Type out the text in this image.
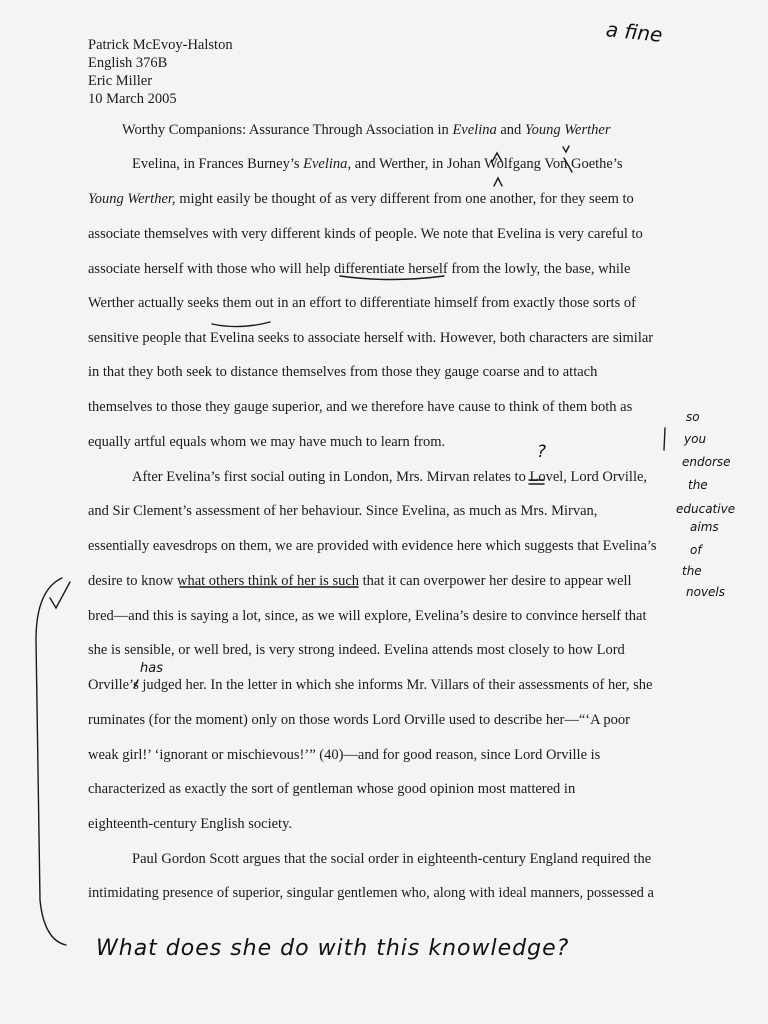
Patrick McEvoy-Halston
English 376B
Eric Miller
10 March 2005
Worthy Companions: Assurance Through Association in Evelina and Young Werther
Evelina, in Frances Burney’s Evelina, and Werther, in Johan Wolfgang Von Goethe’s
Young Werther, might easily be thought of as very different from one another, for they seem to
associate themselves with very different kinds of people. We note that Evelina is very careful to
associate herself with those who will help differentiate herself from the lowly, the base, while
Werther actually seeks them out in an effort to differentiate himself from exactly those sorts of
sensitive people that Evelina seeks to associate herself with. However, both characters are similar
in that they both seek to distance themselves from those they gauge coarse and to attach
themselves to those they gauge superior, and we therefore have cause to think of them both as
equally artful equals whom we may have much to learn from.
After Evelina’s first social outing in London, Mrs. Mirvan relates to Lovel, Lord Orville,
and Sir Clement’s assessment of her behaviour. Since Evelina, as much as Mrs. Mirvan,
essentially eavesdrops on them, we are provided with evidence here which suggests that Evelina’s
desire to know what others think of her is such that it can overpower her desire to appear well
bred—and this is saying a lot, since, as we will explore, Evelina’s desire to convince herself that
she is sensible, or well bred, is very strong indeed. Evelina attends most closely to how Lord
Orville’s judged her. In the letter in which she informs Mr. Villars of their assessments of her, she
ruminates (for the moment) only on those words Lord Orville used to describe her—“‘A poor
weak girl!’ ‘ignorant or mischievous!’” (40)—and for good reason, since Lord Orville is
characterized as exactly the sort of gentleman whose good opinion most mattered in
eighteenth-century English society.
Paul Gordon Scott argues that the social order in eighteenth-century England required the
intimidating presence of superior, singular gentlemen who, along with ideal manners, possessed a
a fine
has
?
so
you
endorse
the
educative
aims
of
the
novels
What does she do with this knowledge?
